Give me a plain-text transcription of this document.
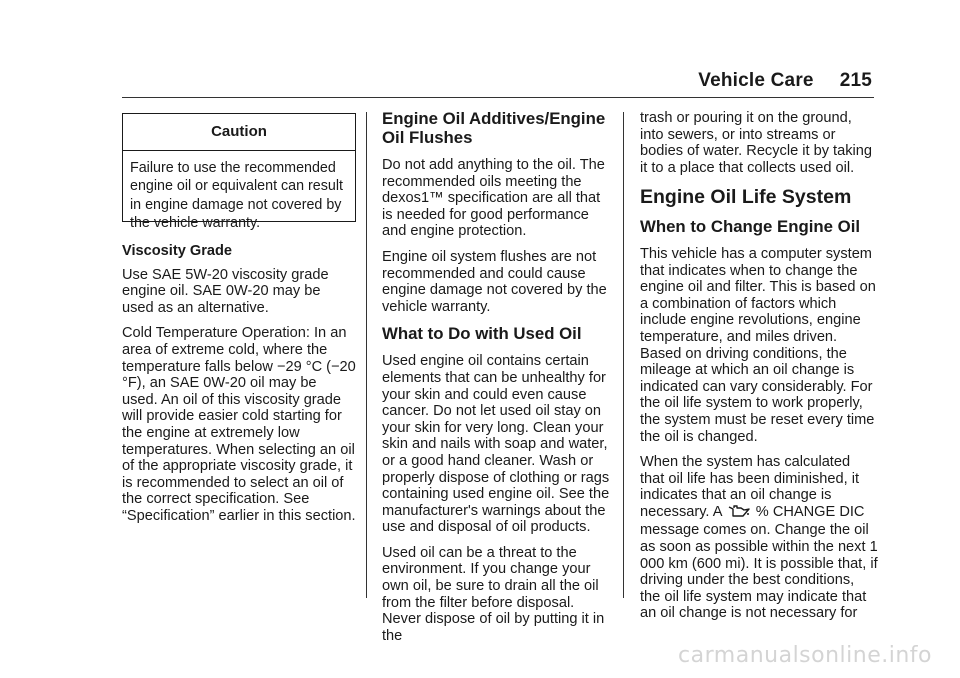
Vehicle Care 215
Caution
Failure to use the recommended engine oil or equivalent can result in engine damage not covered by the vehicle warranty.
Viscosity Grade

Use SAE 5W-20 viscosity grade engine oil. SAE 0W-20 may be used as an alternative.

Cold Temperature Operation: In an area of extreme cold, where the temperature falls below −29 °C (−20 °F), an SAE 0W-20 oil may be used. An oil of this viscosity grade will provide easier cold starting for the engine at extremely low temperatures. When selecting an oil of the appropriate viscosity grade, it is recommended to select an oil of the correct specification. See “Specification” earlier in this section.

Engine Oil Additives/Engine Oil Flushes

Do not add anything to the oil. The recommended oils meeting the dexos1™ specification are all that is needed for good performance and engine protection.

Engine oil system flushes are not recommended and could cause engine damage not covered by the vehicle warranty.

What to Do with Used Oil

Used engine oil contains certain elements that can be unhealthy for your skin and could even cause cancer. Do not let used oil stay on your skin for very long. Clean your skin and nails with soap and water, or a good hand cleaner. Wash or properly dispose of clothing or rags containing used engine oil. See the manufacturer's warnings about the use and disposal of oil products.

Used oil can be a threat to the environment. If you change your own oil, be sure to drain all the oil from the filter before disposal. Never dispose of oil by putting it in the

trash or pouring it on the ground, into sewers, or into streams or bodies of water. Recycle it by taking it to a place that collects used oil.

Engine Oil Life System
When to Change Engine Oil

This vehicle has a computer system that indicates when to change the engine oil and filter. This is based on a combination of factors which include engine revolutions, engine temperature, and miles driven. Based on driving conditions, the mileage at which an oil change is indicated can vary considerably. For the oil life system to work properly, the system must be reset every time the oil is changed.

When the system has calculated that oil life has been diminished, it indicates that an oil change is necessary. A % CHANGE DIC message comes on. Change the oil as soon as possible within the next 1 000 km (600 mi). It is possible that, if driving under the best conditions, the oil life system may indicate that an oil change is not necessary for

carmanualsonline.info
